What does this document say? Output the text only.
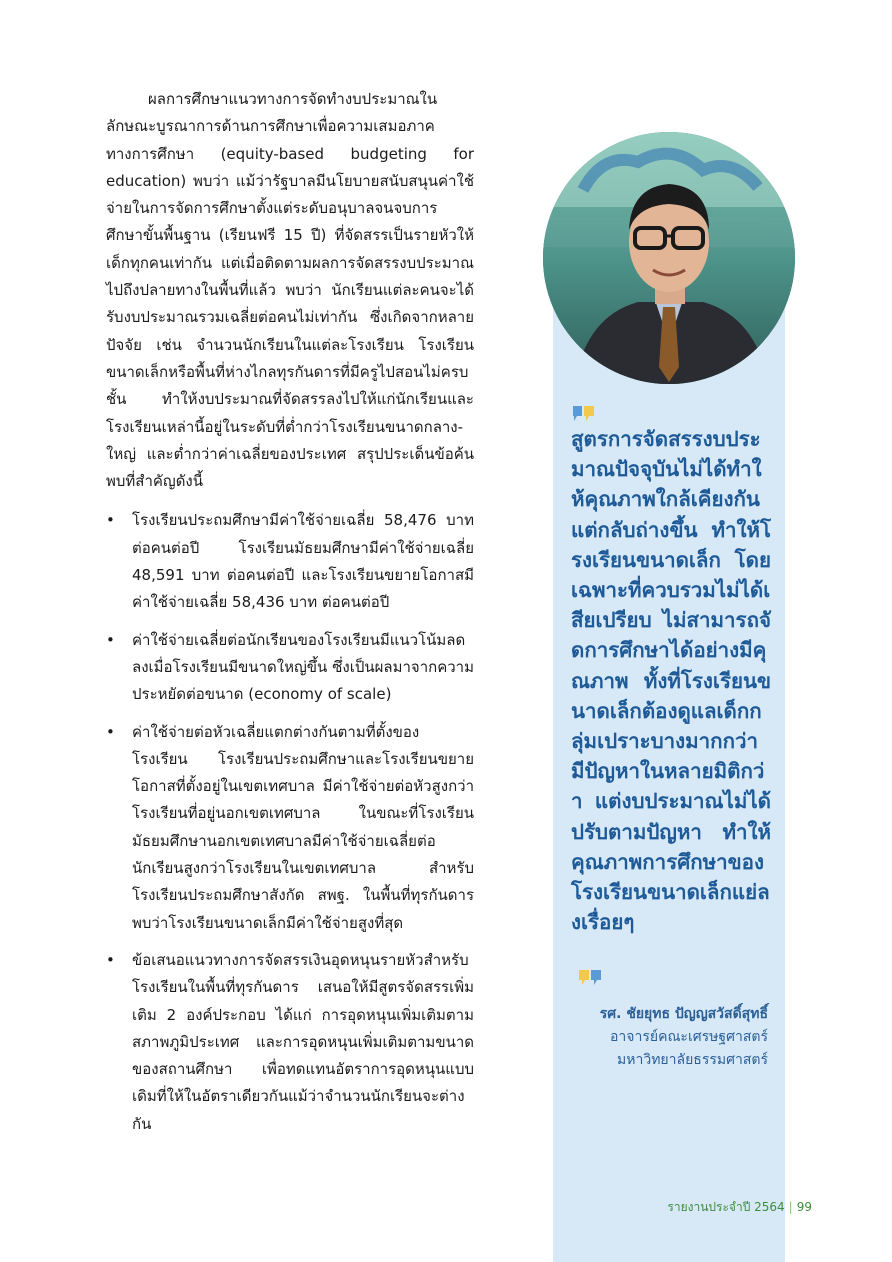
ผลการศึกษาแนวทางการจัดทำงบประมาณในลักษณะบูรณาการด้านการศึกษาเพื่อความเสมอภาคทางการศึกษา (equity-based budgeting for education) พบว่า แม้ว่ารัฐบาลมีนโยบายสนับสนุนค่าใช้จ่ายในการจัดการศึกษาตั้งแต่ระดับอนุบาลจนจบการศึกษาขั้นพื้นฐาน (เรียนฟรี 15 ปี) ที่จัดสรรเป็นรายหัวให้เด็กทุกคนเท่ากัน แต่เมื่อติดตามผลการจัดสรรงบประมาณไปถึงปลายทางในพื้นที่แล้ว พบว่า นักเรียนแต่ละคนจะได้รับงบประมาณรวมเฉลี่ยต่อคนไม่เท่ากัน ซึ่งเกิดจากหลายปัจจัย เช่น จำนวนนักเรียนในแต่ละโรงเรียน โรงเรียนขนาดเล็กหรือพื้นที่ห่างไกลทุรกันดารที่มีครูไปสอนไม่ครบชั้น ทำให้งบประมาณที่จัดสรรลงไปให้แก่นักเรียนและโรงเรียนเหล่านี้อยู่ในระดับที่ต่ำกว่าโรงเรียนขนาดกลาง-ใหญ่ และต่ำกว่าค่าเฉลี่ยของประเทศ สรุปประเด็นข้อค้นพบที่สำคัญดังนี้

•	โรงเรียนประถมศึกษามีค่าใช้จ่ายเฉลี่ย 58,476 บาท ต่อคนต่อปี โรงเรียนมัธยมศึกษามีค่าใช้จ่ายเฉลี่ย 48,591 บาท ต่อคนต่อปี และโรงเรียนขยายโอกาสมีค่าใช้จ่ายเฉลี่ย 58,436 บาท ต่อคนต่อปี
•	ค่าใช้จ่ายเฉลี่ยต่อนักเรียนของโรงเรียนมีแนวโน้มลดลงเมื่อโรงเรียนมีขนาดใหญ่ขึ้น ซึ่งเป็นผลมาจากความประหยัดต่อขนาด (economy of scale)
•	ค่าใช้จ่ายต่อหัวเฉลี่ยแตกต่างกันตามที่ตั้งของโรงเรียน โรงเรียนประถมศึกษาและโรงเรียนขยายโอกาสที่ตั้งอยู่ในเขตเทศบาล มีค่าใช้จ่ายต่อหัวสูงกว่าโรงเรียนที่อยู่นอกเขตเทศบาล ในขณะที่โรงเรียนมัธยมศึกษานอกเขตเทศบาลมีค่าใช้จ่ายเฉลี่ยต่อนักเรียนสูงกว่าโรงเรียนในเขตเทศบาล สำหรับโรงเรียนประถมศึกษาสังกัด สพฐ. ในพื้นที่ทุรกันดาร พบว่าโรงเรียนขนาดเล็กมีค่าใช้จ่ายสูงที่สุด
•	ข้อเสนอแนวทางการจัดสรรเงินอุดหนุนรายหัวสำหรับโรงเรียนในพื้นที่ทุรกันดาร เสนอให้มีสูตรจัดสรรเพิ่มเติม 2 องค์ประกอบ ได้แก่ การอุดหนุนเพิ่มเติมตามสภาพภูมิประเทศ และการอุดหนุนเพิ่มเติมตามขนาดของสถานศึกษา เพื่อทดแทนอัตราการอุดหนุนแบบเดิมที่ให้ในอัตราเดียวกันแม้ว่าจำนวนนักเรียนจะต่างกัน
สูตรการจัดสรรงบประมาณปัจจุบันไม่ได้ทำให้คุณภาพใกล้เคียงกัน แต่กลับถ่างขึ้น ทำให้โรงเรียนขนาดเล็ก โดยเฉพาะที่ควบรวมไม่ได้เสียเปรียบ ไม่สามารถจัดการศึกษาได้อย่างมีคุณภาพ ทั้งที่โรงเรียนขนาดเล็กต้องดูแลเด็กกลุ่มเปราะบางมากกว่า มีปัญหาในหลายมิติกว่า แต่งบประมาณไม่ได้ปรับตามปัญหา ทำให้คุณภาพการศึกษาของโรงเรียนขนาดเล็กแย่ลงเรื่อยๆ
รศ. ชัยยุทธ ปัญญสวัสดิ์สุทธิ์
อาจารย์คณะเศรษฐศาสตร์
มหาวิทยาลัยธรรมศาสตร์
รายงานประจำปี 2564 | 99
